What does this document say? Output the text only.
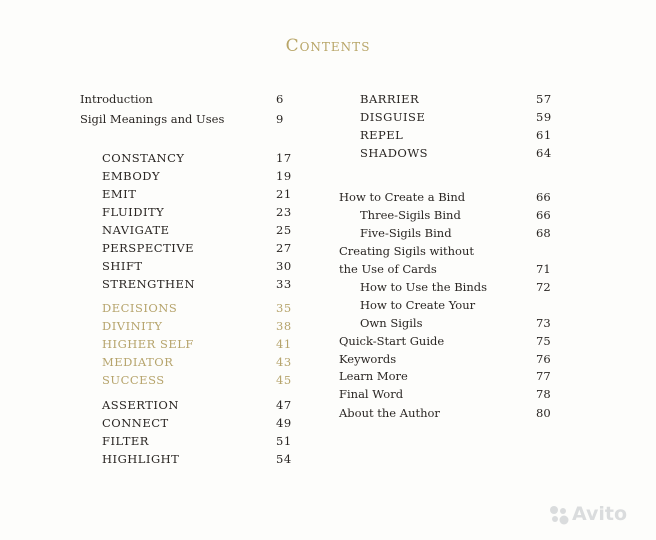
Contents
Introduction	6
Sigil Meanings and Uses	9
CONSTANCY	17
EMBODY	19
EMIT	21
FLUIDITY	23
NAVIGATE	25
PERSPECTIVE	27
SHIFT	30
STRENGTHEN	33
DECISIONS	35
DIVINITY	38
HIGHER SELF	41
MEDIATOR	43
SUCCESS	45
ASSERTION	47
CONNECT	49
FILTER	51
HIGHLIGHT	54
BARRIER	57
DISGUISE	59
REPEL	61
SHADOWS	64
How to Create a Bind	66
Three-Sigils Bind	66
Five-Sigils Bind	68
Creating Sigils without
the Use of Cards	71
How to Use the Binds	72
How to Create Your
Own Sigils	73
Quick-Start Guide	75
Keywords	76
Learn More	77
Final Word	78
About the Author	80
Avito
